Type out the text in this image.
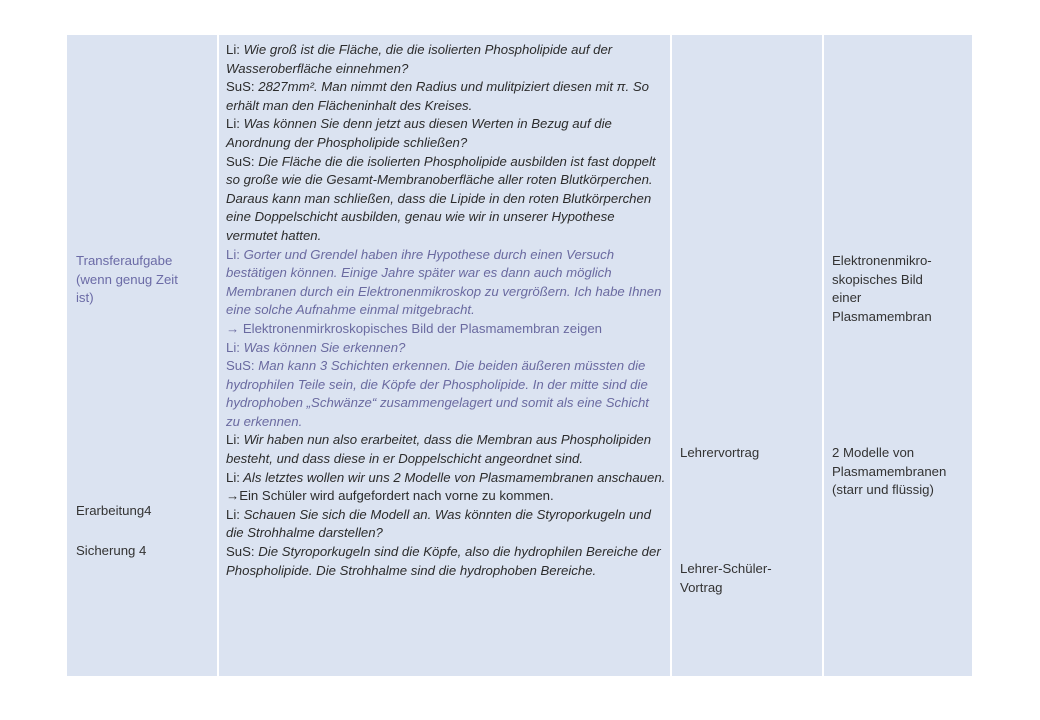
Transferaufgabe
(wenn genug Zeit
ist)
Erarbeitung4
Sicherung 4

Li: Wie groß ist die Fläche, die die isolierten Phospholipide auf der Wasseroberfläche einnehmen?

SuS: 2827mm². Man nimmt den Radius und mulitpiziert diesen mit π. So erhält man den Flächeninhalt des Kreises.

Li: Was können Sie denn jetzt aus diesen Werten in Bezug auf die Anordnung der Phospholipide schließen?

SuS: Die Fläche die die isolierten Phospholipide ausbilden ist fast doppelt so große wie die Gesamt-Membranoberfläche aller roten Blutkörperchen. Daraus kann man schließen, dass die Lipide in den roten Blutkörperchen eine Doppelschicht ausbilden, genau wie wir in unserer Hypothese vermutet hatten.

Li: Gorter und Grendel haben ihre Hypothese durch einen Versuch bestätigen können. Einige Jahre später war es dann auch möglich Membranen durch ein Elektronenmikroskop zu vergrößern. Ich habe Ihnen eine solche Aufnahme einmal mitgebracht.

→ Elektronenmirkroskopisches Bild der Plasmamembran zeigen

Li: Was können Sie erkennen?

SuS: Man kann 3 Schichten erkennen. Die beiden äußeren müssten die hydrophilen Teile sein, die Köpfe der Phospholipide. In der mitte sind die hydrophoben „Schwänze“ zusammengelagert und somit als eine Schicht zu erkennen.

Li: Wir haben nun also erarbeitet, dass die Membran aus Phospholipiden besteht, und dass diese in er Doppelschicht angeordnet sind.

Li: Als letztes wollen wir uns 2 Modelle von Plasmamembranen anschauen.

→Ein Schüler wird aufgefordert nach vorne zu kommen.

Li: Schauen Sie sich die Modell an. Was könnten die Styroporkugeln und die Strohhalme darstellen?

SuS: Die Styroporkugeln sind die Köpfe, also die hydrophilen Bereiche der Phospholipide. Die Strohhalme sind die hydrophoben Bereiche.

Lehrervortrag
Lehrer-Schüler-
Vortrag
Elektronenmikro-
skopisches Bild
einer
Plasmamembran
2 Modelle von
Plasmamembranen
(starr und flüssig)
